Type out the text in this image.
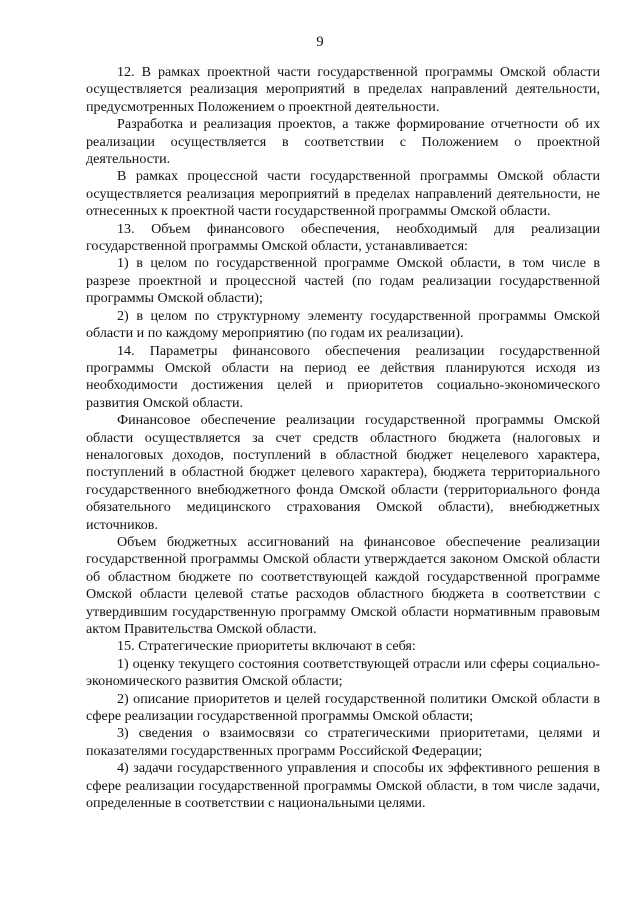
9

12. В рамках проектной части государственной программы Омской области осуществляется реализация мероприятий в пределах направлений деятельности, предусмотренных Положением о проектной деятельности.

Разработка и реализация проектов, а также формирование отчетности об их реализации осуществляется в соответствии с Положением о проектной деятельности.

В рамках процессной части государственной программы Омской области осуществляется реализация мероприятий в пределах направлений деятельности, не отнесенных к проектной части государственной программы Омской области.

13. Объем финансового обеспечения, необходимый для реализации государственной программы Омской области, устанавливается:

1) в целом по государственной программе Омской области, в том числе в разрезе проектной и процессной частей (по годам реализации государственной программы Омской области);

2) в целом по структурному элементу государственной программы Омской области и по каждому мероприятию (по годам их реализации).

14. Параметры финансового обеспечения реализации государственной программы Омской области на период ее действия планируются исходя из необходимости достижения целей и приоритетов социально-экономического развития Омской области.

Финансовое обеспечение реализации государственной программы Омской области осуществляется за счет средств областного бюджета (налоговых и неналоговых доходов, поступлений в областной бюджет нецелевого характера, поступлений в областной бюджет целевого характера), бюджета территориального государственного внебюджетного фонда Омской области (территориального фонда обязательного медицинского страхования Омской области), внебюджетных источников.

Объем бюджетных ассигнований на финансовое обеспечение реализации государственной программы Омской области утверждается законом Омской области об областном бюджете по соответствующей каждой государственной программе Омской области целевой статье расходов областного бюджета в соответствии с утвердившим государственную программу Омской области нормативным правовым актом Правительства Омской области.

15. Стратегические приоритеты включают в себя:

1) оценку текущего состояния соответствующей отрасли или сферы социально-экономического развития Омской области;

2) описание приоритетов и целей государственной политики Омской области в сфере реализации государственной программы Омской области;

3) сведения о взаимосвязи со стратегическими приоритетами, целями и показателями государственных программ Российской Федерации;

4) задачи государственного управления и способы их эффективного решения в сфере реализации государственной программы Омской области, в том числе задачи, определенные в соответствии с национальными целями.
